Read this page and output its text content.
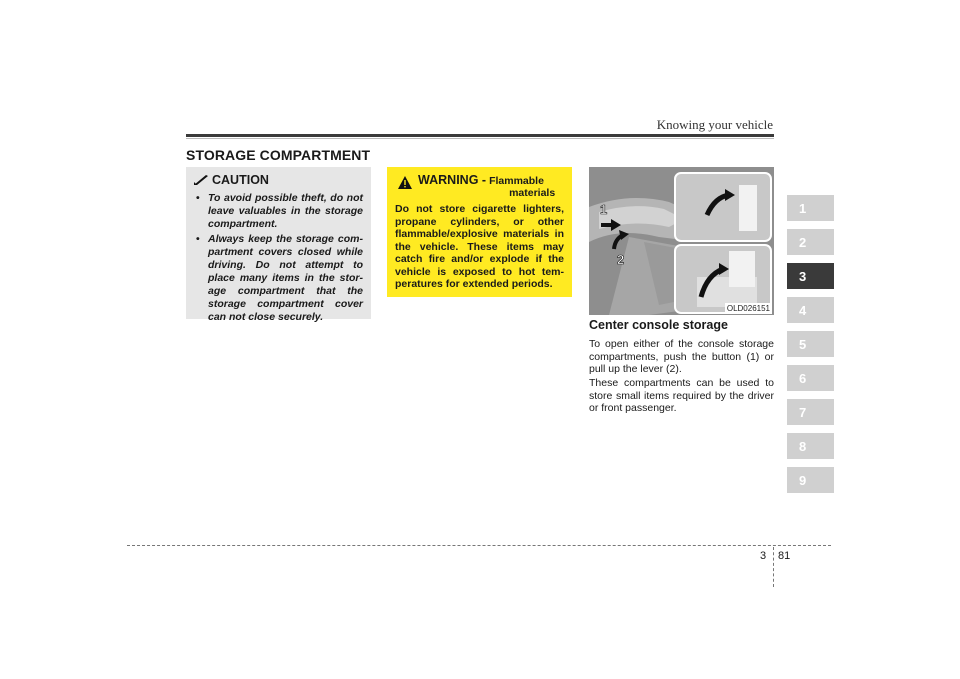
Knowing your vehicle
STORAGE COMPARTMENT
CAUTION
• To avoid possible theft, do not leave valuables in the storage compartment.
• Always keep the storage com- partment covers closed while driving. Do not attempt to place many items in the stor- age compartment that the storage compartment cover can not close securely.
WARNING - Flammable
materials
Do not store cigarette lighters, propane cylinders, or other flammable/explosive materials in the vehicle. These items may catch fire and/or explode if the vehicle is exposed to hot tem- peratures for extended periods.
1
2
OLD026151
Center console storage
To open either of the console storage compartments, push the button (1) or pull up the lever (2).
These compartments can be used to store small items required by the driver or front passenger.
1
2
3
4
5
6
7
8
9
3 81
